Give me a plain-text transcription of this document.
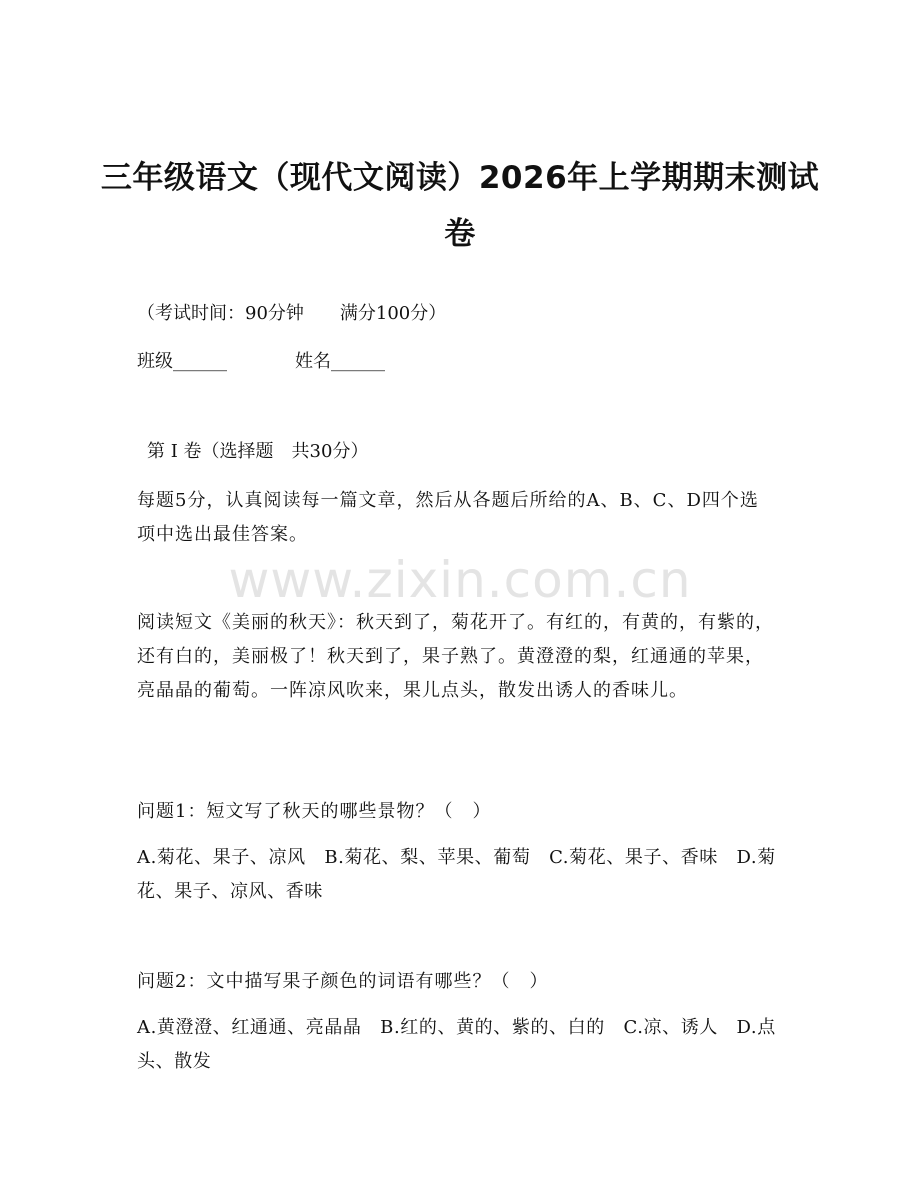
三年级语文（现代文阅读）2026年上学期期末测试卷
（考试时间：90分钟　　满分100分）
班级______	姓名______
第 I 卷（选择题　共30分）
每题5分，认真阅读每一篇文章，然后从各题后所给的A、B、C、D四个选项中选出最佳答案。
www.zixin.com.cn
阅读短文《美丽的秋天》：秋天到了，菊花开了。有红的，有黄的，有紫的，还有白的，美丽极了！秋天到了，果子熟了。黄澄澄的梨，红通通的苹果，亮晶晶的葡萄。一阵凉风吹来，果儿点头，散发出诱人的香味儿。
问题1：短文写了秋天的哪些景物？（　）
A.菊花、果子、凉风　B.菊花、梨、苹果、葡萄　C.菊花、果子、香味　D.菊花、果子、凉风、香味
问题2：文中描写果子颜色的词语有哪些？（　）
A.黄澄澄、红通通、亮晶晶　B.红的、黄的、紫的、白的　C.凉、诱人　D.点头、散发
